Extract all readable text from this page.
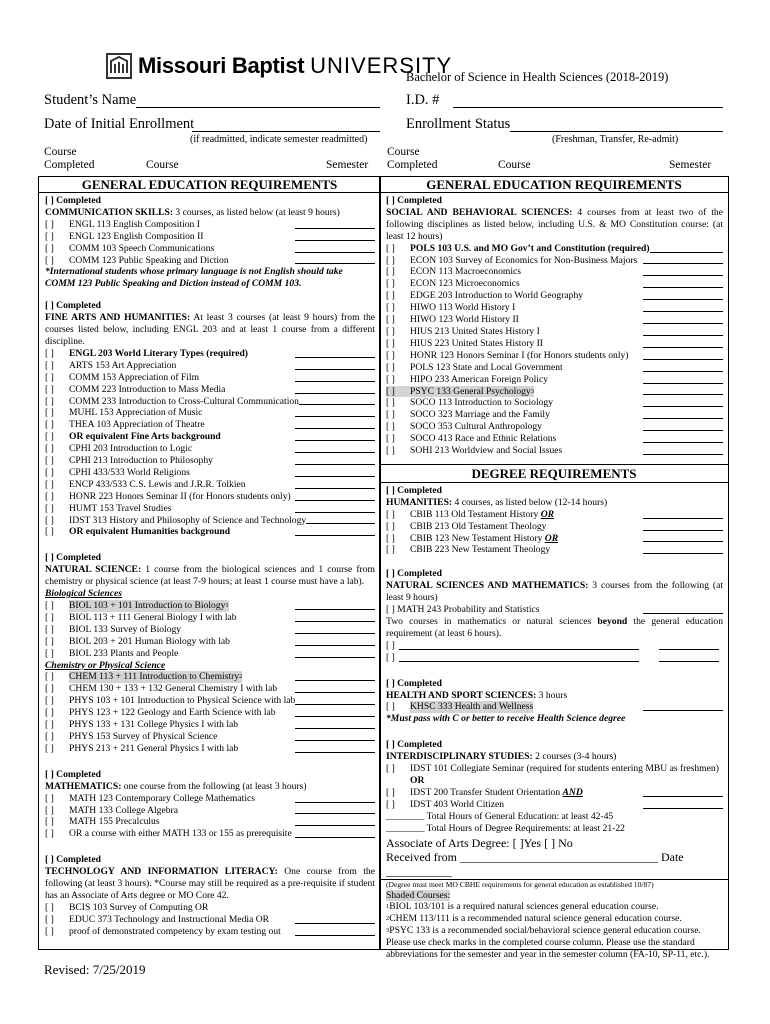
Missouri Baptist UNIVERSITY
Bachelor of Science in Health Sciences (2018-2019)
Student’s Name	I.D. #
Date of Initial Enrollment	Enrollment Status
(if readmitted, indicate semester readmitted)	(Freshman, Transfer, Re-admit)
Course
Completed	Course	Semester
Course
Completed	Course	Semester
GENERAL EDUCATION REQUIREMENTS

[ ] Completed

COMMUNICATION SKILLS: 3 courses, as listed below (at least 9 hours)

[ ]	ENGL 113 English Composition I
[ ]	ENGL 123 English Composition II
[ ]	COMM 103 Speech Communications
[ ]	COMM 123 Public Speaking and Diction

*International students whose primary language is not English should take COMM 123 Public Speaking and Diction instead of COMM 103.

[ ] Completed

FINE ARTS AND HUMANITIES: At least 3 courses (at least 9 hours) from the courses listed below, including ENGL 203 and at least 1 course from a different discipline.

[ ]	ENGL 203 World Literary Types (required)
[ ]	ARTS 153 Art Appreciation
[ ]	COMM 153 Appreciation of Film
[ ]	COMM 223 Introduction to Mass Media
[ ]	COMM 233 Introduction to Cross-Cultural Communication
[ ]	MUHL 153 Appreciation of Music
[ ]	THEA 103 Appreciation of Theatre
[ ]	OR equivalent Fine Arts background
[ ]	CPHI 203 Introduction to Logic
[ ]	CPHI 213 Introduction to Philosophy
[ ]	CPHI 433/533 World Religions
[ ]	ENCP 433/533 C.S. Lewis and J.R.R. Tolkien
[ ]	HONR 223 Honors Seminar II (for Honors students only)
[ ]	HUMT 153 Travel Studies
[ ]	IDST 313 History and Philosophy of Science and Technology
[ ]	OR equivalent Humanities background

[ ] Completed

NATURAL SCIENCE: 1 course from the biological sciences and 1 course from chemistry or physical science (at least 7-9 hours; at least 1 course must have a lab).

Biological Sciences

[ ]	BIOL 103 + 101 Introduction to Biology$^1$
[ ]	BIOL 113 + 111 General Biology I with lab
[ ]	BIOL 133 Survey of Biology
[ ]	BIOL 203 + 201 Human Biology with lab
[ ]	BIOL 233 Plants and People

Chemistry or Physical Science

[ ]	CHEM 113 + 111 Introduction to Chemistry$^2$
[ ]	CHEM 130 + 133 + 132 General Chemistry I with lab
[ ]	PHYS 103 + 101 Introduction to Physical Science with lab
[ ]	PHYS 123 + 122 Geology and Earth Science with lab
[ ]	PHYS 133 + 131 College Physics I with lab
[ ]	PHYS 153 Survey of Physical Science
[ ]	PHYS 213 + 211 General Physics I with lab

[ ] Completed

MATHEMATICS: one course from the following (at least 3 hours)

[ ]	MATH 123 Contemporary College Mathematics
[ ]	MATH 133 College Algebra
[ ]	MATH 155 Precalculus
[ ]	OR a course with either MATH 133 or 155 as prerequisite

[ ] Completed

TECHNOLOGY AND INFORMATION LITERACY: One course from the following (at least 3 hours). *Course may still be required as a pre-requisite if student has an Associate of Arts degree or MO Core 42.

[ ]	BCIS 103 Survey of Computing OR
[ ]	EDUC 373 Technology and Instructional Media OR
[ ]	proof of demonstrated competency by exam testing out
GENERAL EDUCATION REQUIREMENTS

[ ] Completed

SOCIAL AND BEHAVIORAL SCIENCES: 4 courses from at least two of the following disciplines as listed below, including U.S. & MO Constitution course: (at least 12 hours)

[ ]	POLS 103 U.S. and MO Gov’t and Constitution (required)
[ ]	ECON 103 Survey of Economics for Non-Business Majors
[ ]	ECON 113 Macroeconomics
[ ]	ECON 123 Microeconomics
[ ]	EDGE 203 Introduction to World Geography
[ ]	HIWO 113 World History I
[ ]	HIWO 123 World History II
[ ]	HIUS 213 United States History I
[ ]	HIUS 223 United States History II
[ ]	HONR 123 Honors Seminar I (for Honors students only)
[ ]	POLS 123 State and Local Government
[ ]	HIPO 233 American Foreign Policy
[ ]	PSYC 133 General Psychology$^3$
[ ]	SOCO 113 Introduction to Sociology
[ ]	SOCO 323 Marriage and the Family
[ ]	SOCO 353 Cultural Anthropology
[ ]	SOCO 413 Race and Ethnic Relations
[ ]	SOHI 213 Worldview and Social Issues
DEGREE REQUIREMENTS

[ ] Completed

HUMANITIES: 4 courses, as listed below (12-14 hours)

[ ]	CBIB 113 Old Testament History OR
[ ]	CBIB 213 Old Testament Theology
[ ]	CBIB 123 New Testament History OR
[ ]	CBIB 223 New Testament Theology

[ ] Completed

NATURAL SCIENCES AND MATHEMATICS: 3 courses from the following (at least 9 hours)

[ ] MATH 243 Probability and Statistics

Two courses in mathematics or natural sciences beyond the general education requirement (at least 6 hours).

[ ]
[ ]

[ ] Completed

HEALTH AND SPORT SCIENCES: 3 hours

[ ]	KHSC 333 Health and Wellness

*Must pass with C or better to receive Health Science degree

[ ] Completed

INTERDISCIPLINARY STUDIES: 2 courses (3-4 hours)

[ ]	IDST 101 Collegiate Seminar (required for students entering MBU as freshmen)

OR

[ ]	IDST 200 Transfer Student Orientation AND
[ ]	IDST 403 World Citizen

________ Total Hours of General Education: at least 42-45

________ Total Hours of Degree Requirements: at least 21-22

Associate of Arts Degree: [ ]Yes [ ] No

Received from _________________________________ Date ___________

(Degree must meet MO CBHE requirements for general education as established 10/87)

Shaded Courses:

$^1$BIOL 103/101 is a required natural sciences general education course.

$^2$CHEM 113/111 is a recommended natural science general education course.

$^3$PSYC 133 is a recommended social/behavioral science general education course.

Please use check marks in the completed course column. Please use the standard abbreviations for the semester and year in the semester column (FA-10, SP-11, etc.).

Revised: 7/25/2019
